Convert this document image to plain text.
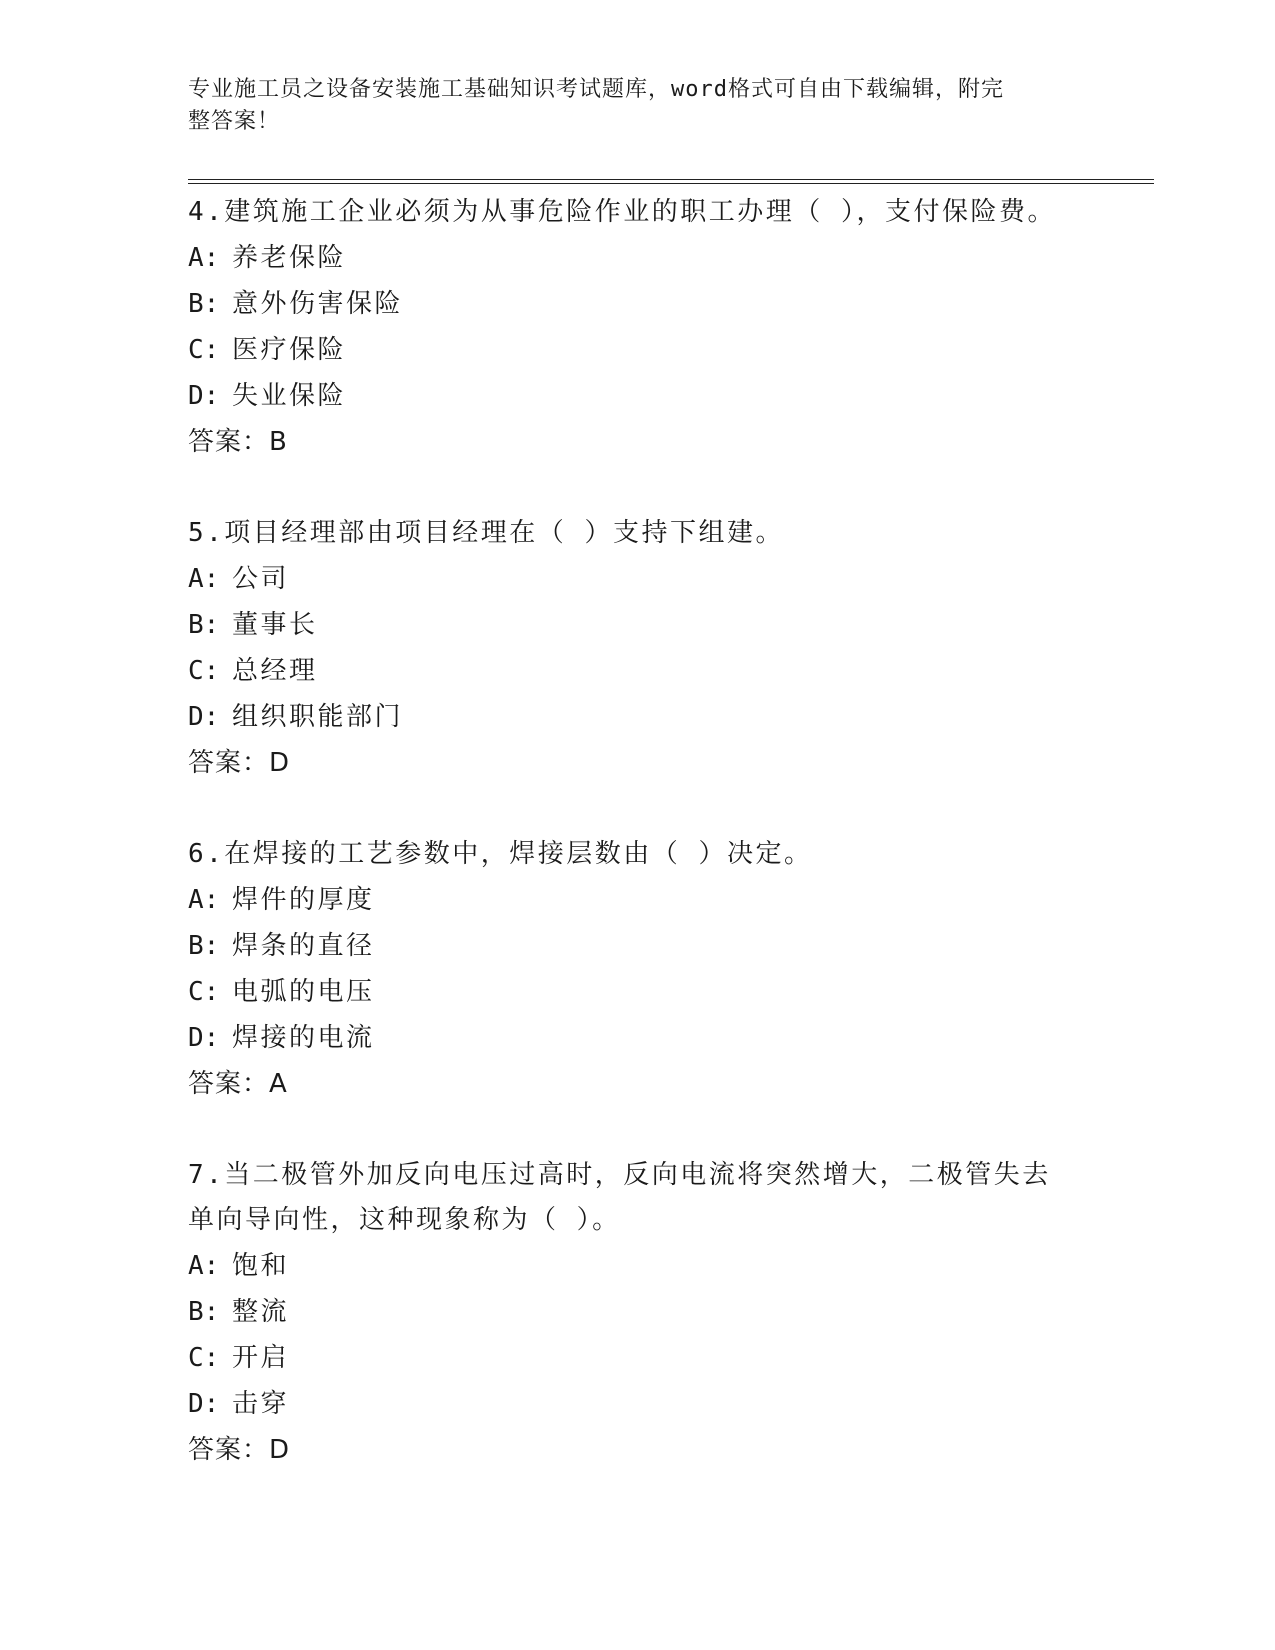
专业施工员之设备安装施工基础知识考试题库，word格式可自由下载编辑，附完
整答案！
4.建筑施工企业必须为从事危险作业的职工办理（ ），支付保险费。
A: 养老保险
B: 意外伤害保险
C: 医疗保险
D: 失业保险
答案：B
5.项目经理部由项目经理在（ ）支持下组建。
A: 公司
B: 董事长
C: 总经理
D: 组织职能部门
答案：D
6.在焊接的工艺参数中，焊接层数由（ ）决定。
A: 焊件的厚度
B: 焊条的直径
C: 电弧的电压
D: 焊接的电流
答案：A
7.当二极管外加反向电压过高时，反向电流将突然增大，二极管失去
单向导向性，这种现象称为（ ）。
A: 饱和
B: 整流
C: 开启
D: 击穿
答案：D
